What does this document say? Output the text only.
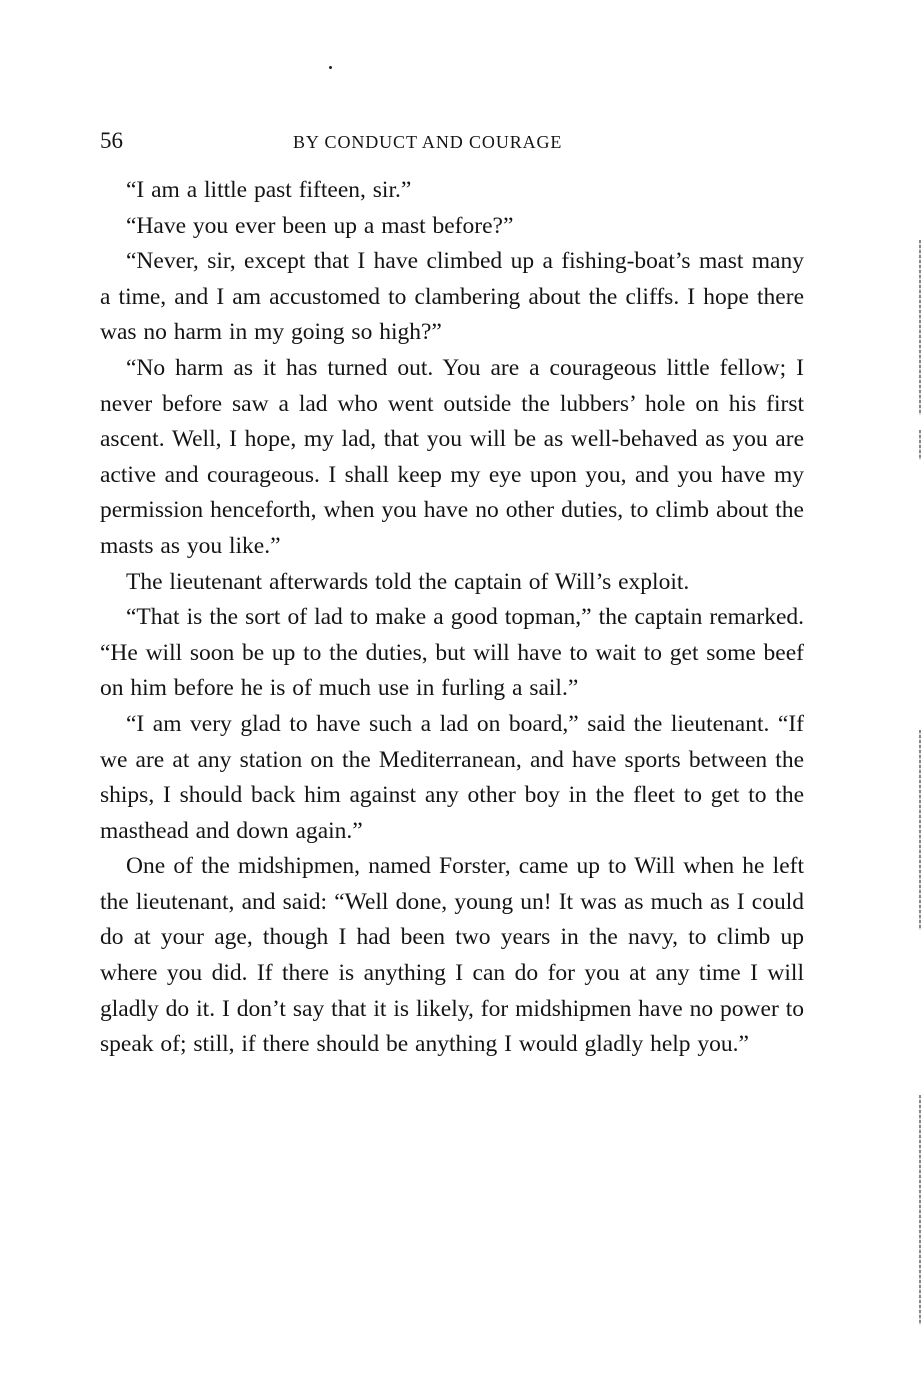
56	BY CONDUCT AND COURAGE

“I am a little past fifteen, sir.”

“Have you ever been up a mast before?”

“Never, sir, except that I have climbed up a fishing-boat’s mast many a time, and I am accustomed to clambering about the cliffs. I hope there was no harm in my going so high?”

“No harm as it has turned out. You are a courageous little fellow; I never before saw a lad who went outside the lubbers’ hole on his first ascent. Well, I hope, my lad, that you will be as well-behaved as you are active and courageous. I shall keep my eye upon you, and you have my permission henceforth, when you have no other duties, to climb about the masts as you like.”

The lieutenant afterwards told the captain of Will’s exploit.

“That is the sort of lad to make a good topman,” the captain remarked. “He will soon be up to the duties, but will have to wait to get some beef on him before he is of much use in furling a sail.”

“I am very glad to have such a lad on board,” said the lieutenant. “If we are at any station on the Mediterranean, and have sports between the ships, I should back him against any other boy in the fleet to get to the masthead and down again.”

One of the midshipmen, named Forster, came up to Will when he left the lieutenant, and said: “Well done, young un! It was as much as I could do at your age, though I had been two years in the navy, to climb up where you did. If there is anything I can do for you at any time I will gladly do it. I don’t say that it is likely, for midshipmen have no power to speak of; still, if there should be anything I would gladly help you.”
